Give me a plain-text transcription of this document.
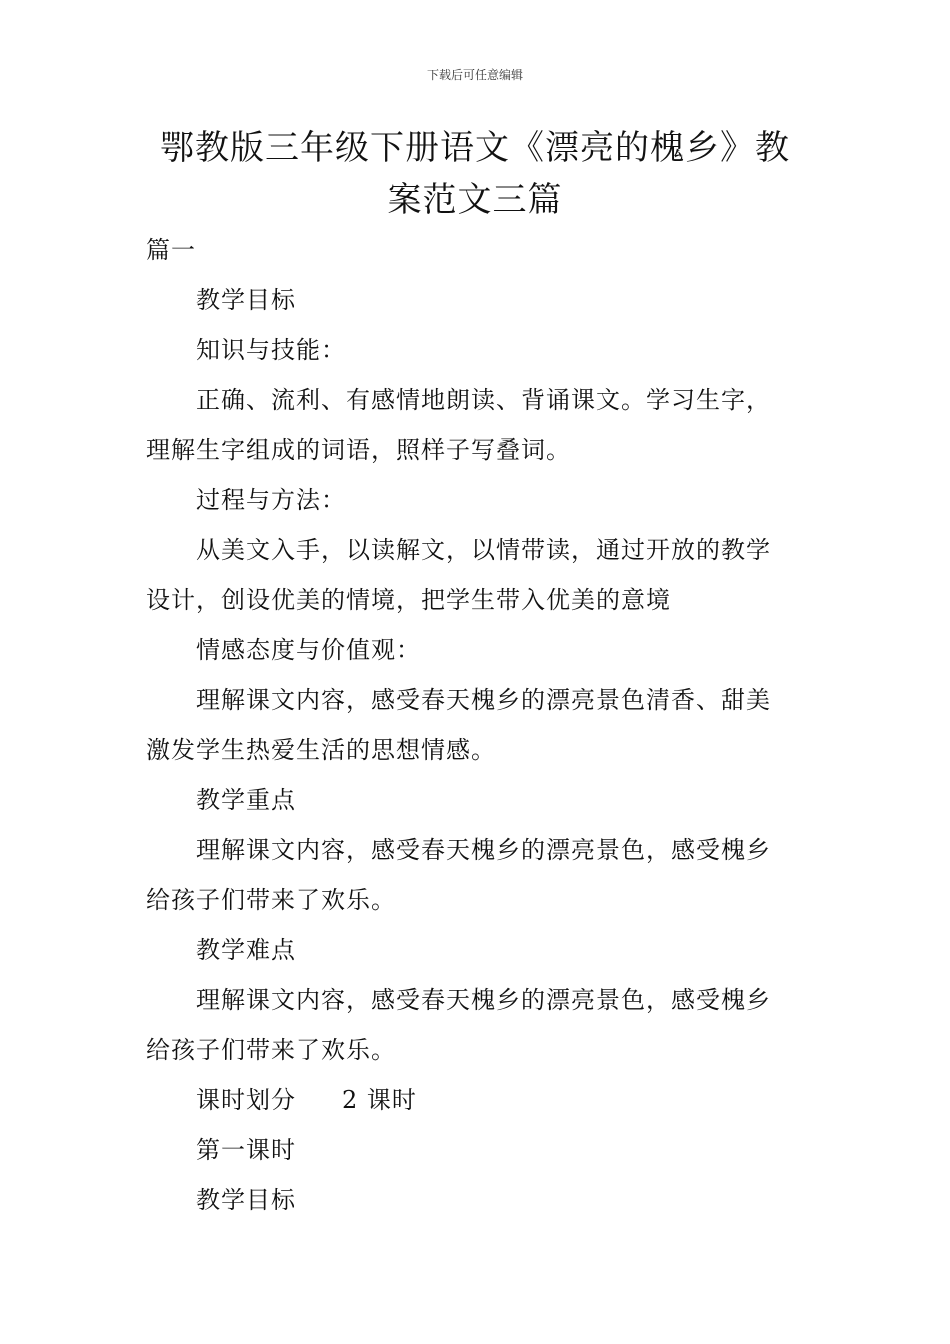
下载后可任意编辑
鄂教版三年级下册语文《漂亮的槐乡》教
案范文三篇
篇一
教学目标
知识与技能：
正确、流利、有感情地朗读、背诵课文。学习生字，
理解生字组成的词语，照样子写叠词。
过程与方法：
从美文入手，以读解文，以情带读，通过开放的教学
设计，创设优美的情境，把学生带入优美的意境
情感态度与价值观：
理解课文内容，感受春天槐乡的漂亮景色清香、甜美
激发学生热爱生活的思想情感。
教学重点
理解课文内容，感受春天槐乡的漂亮景色，感受槐乡
给孩子们带来了欢乐。
教学难点
理解课文内容，感受春天槐乡的漂亮景色，感受槐乡
给孩子们带来了欢乐。
课时划分 2 课时
第一课时
教学目标
